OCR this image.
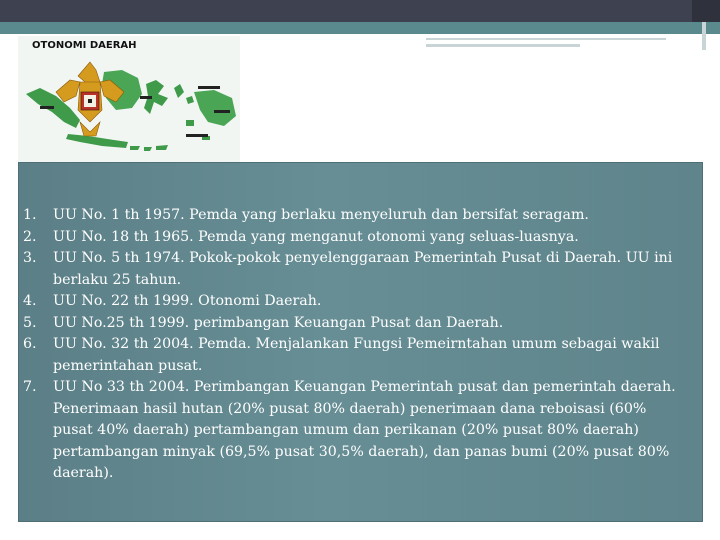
OTONOMI DAERAH
1. UU No. 1 th 1957. Pemda yang berlaku menyeluruh dan bersifat seragam.
2. UU No. 18 th 1965. Pemda yang menganut otonomi yang seluas-luasnya.
3. UU No. 5 th 1974. Pokok-pokok penyelenggaraan Pemerintah Pusat di Daerah. UU ini berlaku 25 tahun.
4. UU No. 22 th 1999. Otonomi Daerah.
5. UU No.25 th 1999. perimbangan Keuangan Pusat dan Daerah.
6. UU No. 32 th 2004. Pemda. Menjalankan Fungsi Pemeirntahan umum sebagai wakil pemerintahan pusat.
7. UU No 33 th 2004. Perimbangan Keuangan Pemerintah pusat dan pemerintah daerah. Penerimaan hasil hutan (20% pusat 80% daerah) penerimaan dana reboisasi (60% pusat 40% daerah) pertambangan umum dan perikanan (20% pusat 80% daerah) pertambangan minyak (69,5% pusat 30,5% daerah), dan panas bumi (20% pusat 80% daerah).
